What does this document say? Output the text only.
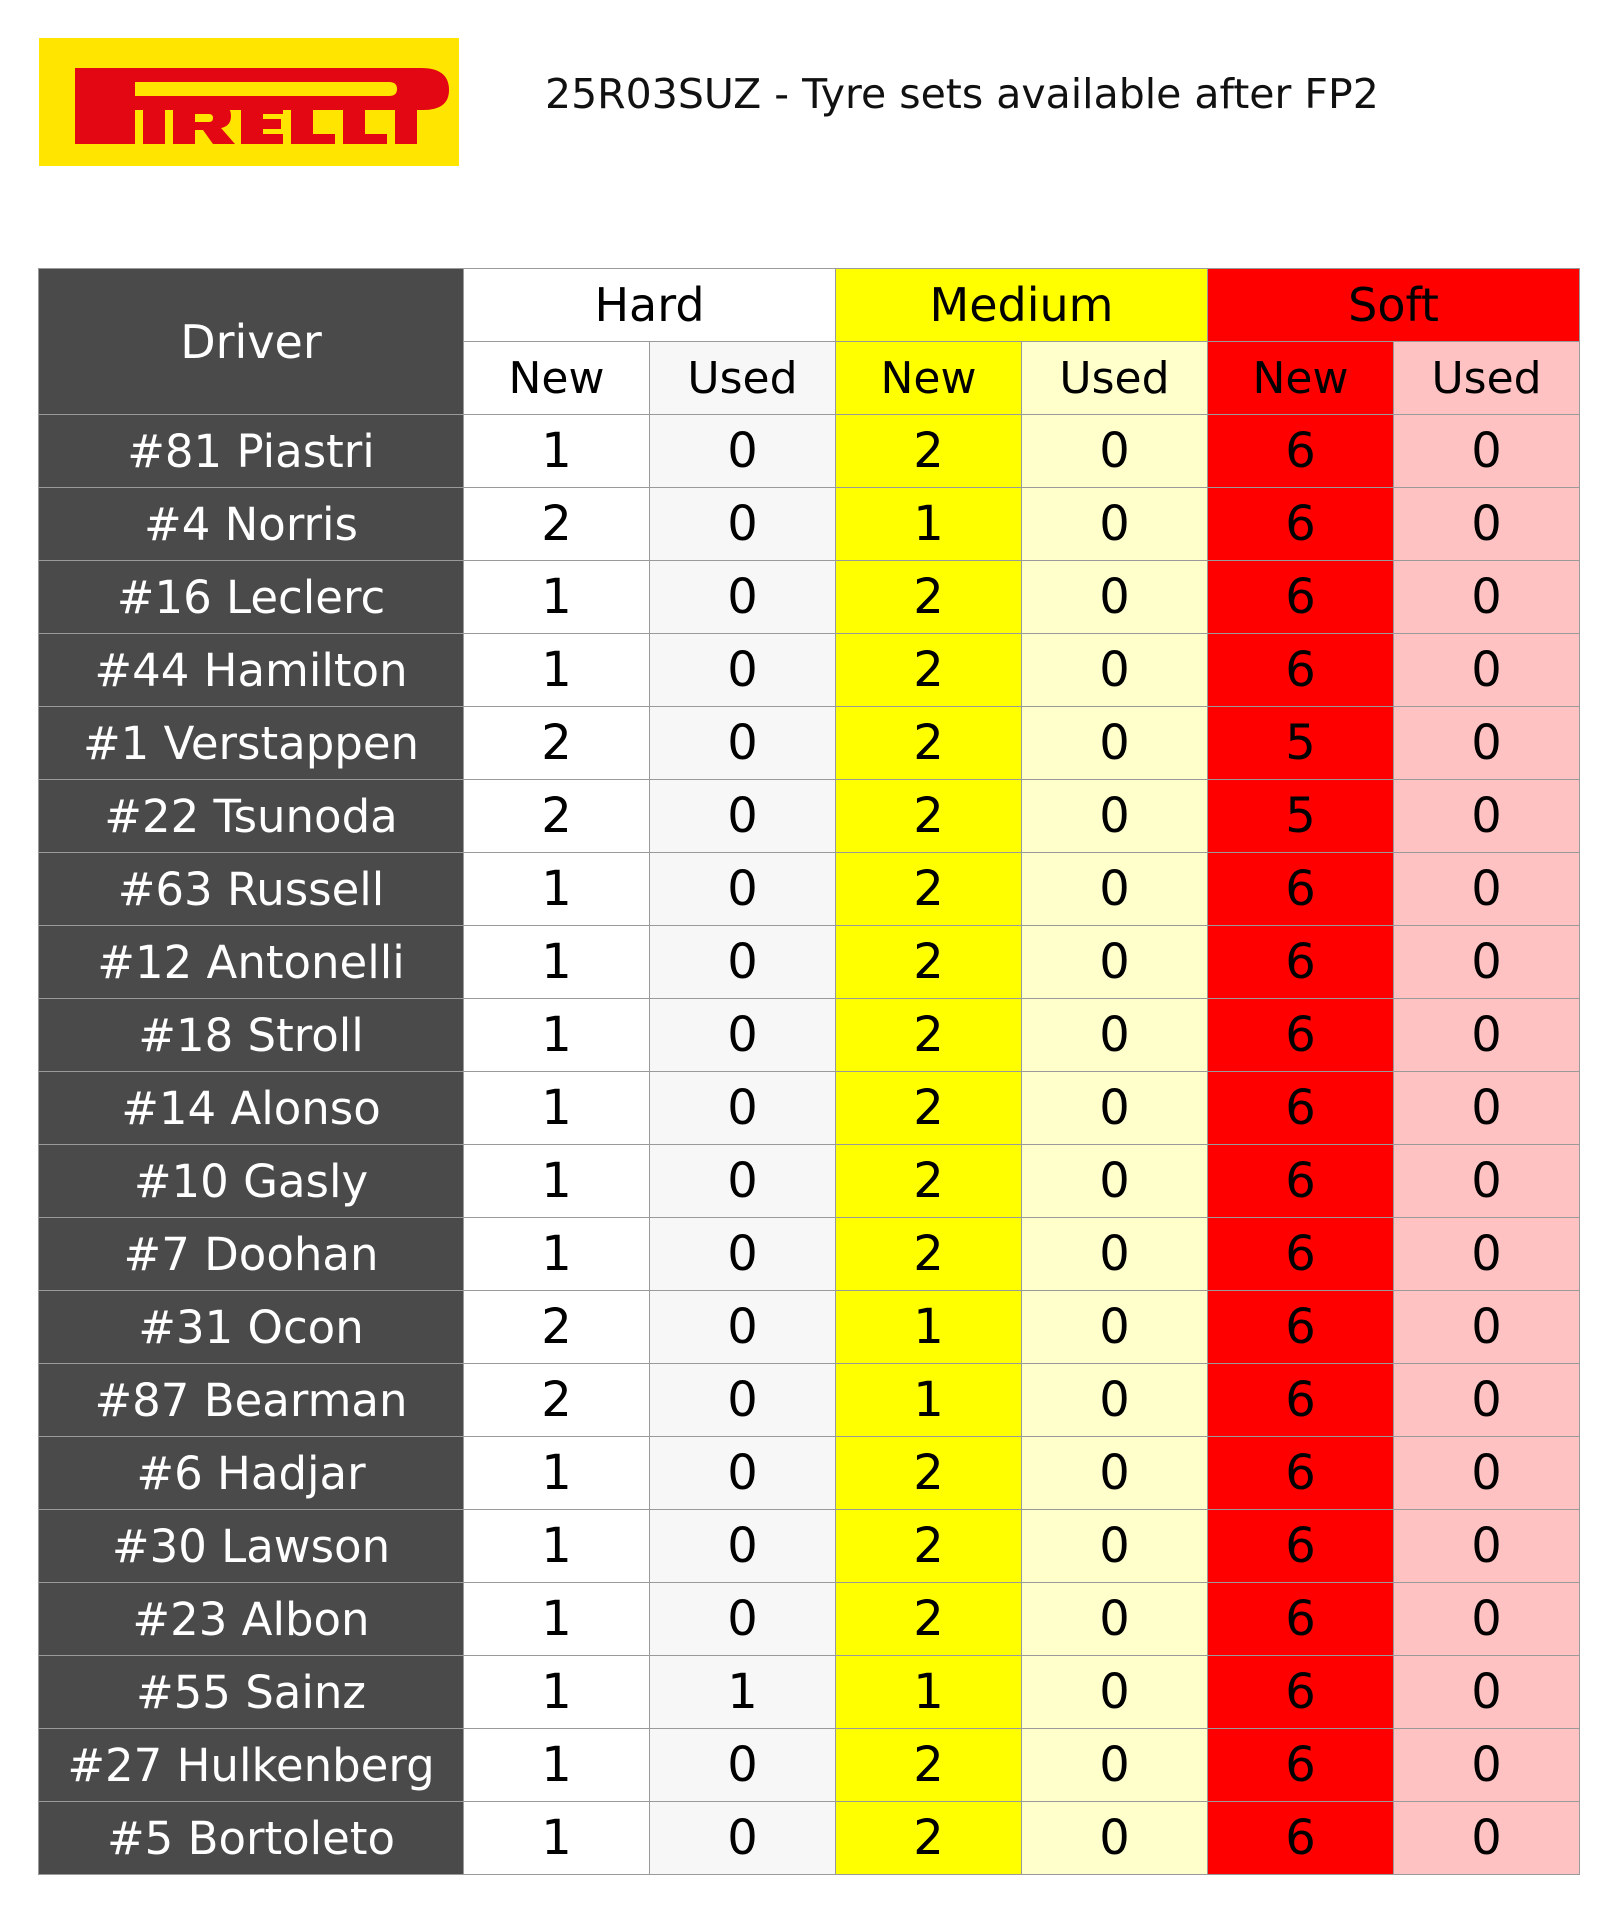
25R03SUZ - Tyre sets available after FP2
Driver	Hard		Medium		Soft	
	New	Used	New	Used	New	Used
#81 Piastri	1	0	2	0	6	0
#4 Norris	2	0	1	0	6	0
#16 Leclerc	1	0	2	0	6	0
#44 Hamilton	1	0	2	0	6	0
#1 Verstappen	2	0	2	0	5	0
#22 Tsunoda	2	0	2	0	5	0
#63 Russell	1	0	2	0	6	0
#12 Antonelli	1	0	2	0	6	0
#18 Stroll	1	0	2	0	6	0
#14 Alonso	1	0	2	0	6	0
#10 Gasly	1	0	2	0	6	0
#7 Doohan	1	0	2	0	6	0
#31 Ocon	2	0	1	0	6	0
#87 Bearman	2	0	1	0	6	0
#6 Hadjar	1	0	2	0	6	0
#30 Lawson	1	0	2	0	6	0
#23 Albon	1	0	2	0	6	0
#55 Sainz	1	1	1	0	6	0
#27 Hulkenberg	1	0	2	0	6	0
#5 Bortoleto	1	0	2	0	6	0
